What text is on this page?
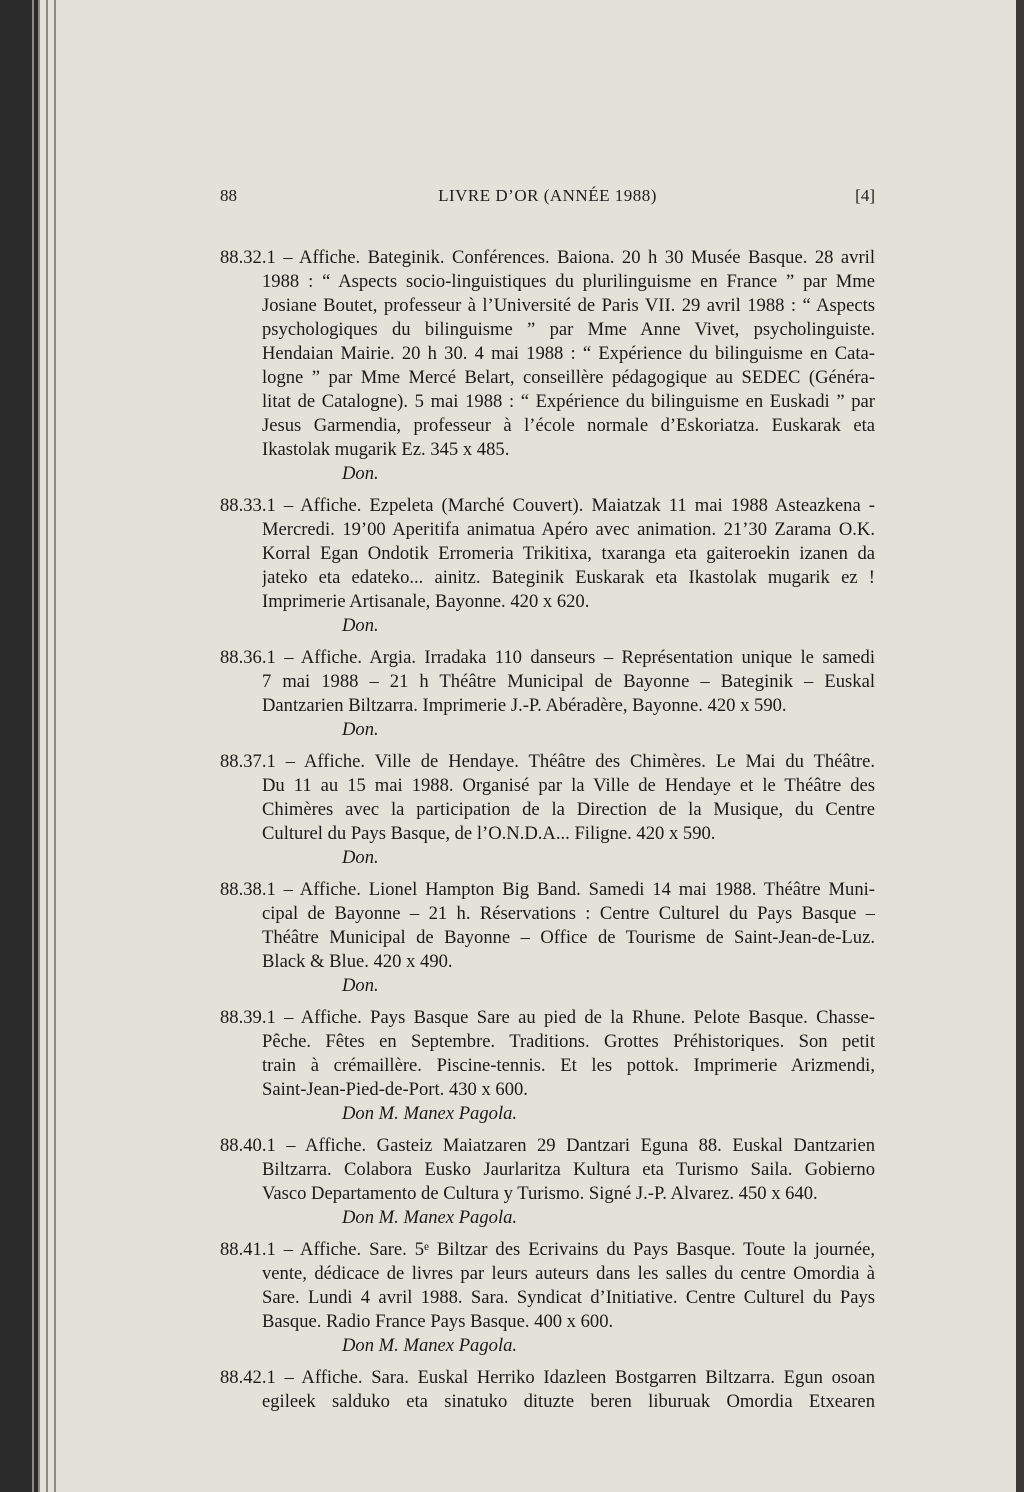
88	LIVRE D’OR (ANNÉE 1988)	[4]
88.32.1 – Affiche. Bateginik. Conférences. Baiona. 20 h 30 Musée Basque. 28 avril
1988 : “ Aspects socio-linguistiques du plurilinguisme en France ” par Mme
Josiane Boutet, professeur à l’Université de Paris VII. 29 avril 1988 : “ Aspects
psychologiques du bilinguisme ” par Mme Anne Vivet, psycholinguiste.
Hendaian Mairie. 20 h 30. 4 mai 1988 : “ Expérience du bilinguisme en Cata-
logne ” par Mme Mercé Belart, conseillère pédagogique au SEDEC (Généra-
litat de Catalogne). 5 mai 1988 : “ Expérience du bilinguisme en Euskadi ” par
Jesus Garmendia, professeur à l’école normale d’Eskoriatza. Euskarak eta
Ikastolak mugarik Ez. 345 x 485.
Don.
88.33.1 – Affiche. Ezpeleta (Marché Couvert). Maiatzak 11 mai 1988 Asteazkena -
Mercredi. 19’00 Aperitifa animatua Apéro avec animation. 21’30 Zarama O.K.
Korral Egan Ondotik Erromeria Trikitixa, txaranga eta gaiteroekin izanen da
jateko eta edateko... ainitz. Bateginik Euskarak eta Ikastolak mugarik ez !
Imprimerie Artisanale, Bayonne. 420 x 620.
Don.
88.36.1 – Affiche. Argia. Irradaka 110 danseurs – Représentation unique le samedi
7 mai 1988 – 21 h Théâtre Municipal de Bayonne – Bateginik – Euskal
Dantzarien Biltzarra. Imprimerie J.-P. Abéradère, Bayonne. 420 x 590.
Don.
88.37.1 – Affiche. Ville de Hendaye. Théâtre des Chimères. Le Mai du Théâtre.
Du 11 au 15 mai 1988. Organisé par la Ville de Hendaye et le Théâtre des
Chimères avec la participation de la Direction de la Musique, du Centre
Culturel du Pays Basque, de l’O.N.D.A... Filigne. 420 x 590.
Don.
88.38.1 – Affiche. Lionel Hampton Big Band. Samedi 14 mai 1988. Théâtre Muni-
cipal de Bayonne – 21 h. Réservations : Centre Culturel du Pays Basque –
Théâtre Municipal de Bayonne – Office de Tourisme de Saint-Jean-de-Luz.
Black & Blue. 420 x 490.
Don.
88.39.1 – Affiche. Pays Basque Sare au pied de la Rhune. Pelote Basque. Chasse-
Pêche. Fêtes en Septembre. Traditions. Grottes Préhistoriques. Son petit
train à crémaillère. Piscine-tennis. Et les pottok. Imprimerie Arizmendi,
Saint-Jean-Pied-de-Port. 430 x 600.
Don M. Manex Pagola.
88.40.1 – Affiche. Gasteiz Maiatzaren 29 Dantzari Eguna 88. Euskal Dantzarien
Biltzarra. Colabora Eusko Jaurlaritza Kultura eta Turismo Saila. Gobierno
Vasco Departamento de Cultura y Turismo. Signé J.-P. Alvarez. 450 x 640.
Don M. Manex Pagola.
88.41.1 – Affiche. Sare. 5ᵉ Biltzar des Ecrivains du Pays Basque. Toute la journée,
vente, dédicace de livres par leurs auteurs dans les salles du centre Omordia à
Sare. Lundi 4 avril 1988. Sara. Syndicat d’Initiative. Centre Culturel du Pays
Basque. Radio France Pays Basque. 400 x 600.
Don M. Manex Pagola.
88.42.1 – Affiche. Sara. Euskal Herriko Idazleen Bostgarren Biltzarra. Egun osoan
egileek salduko eta sinatuko dituzte beren liburuak Omordia Etxearen
